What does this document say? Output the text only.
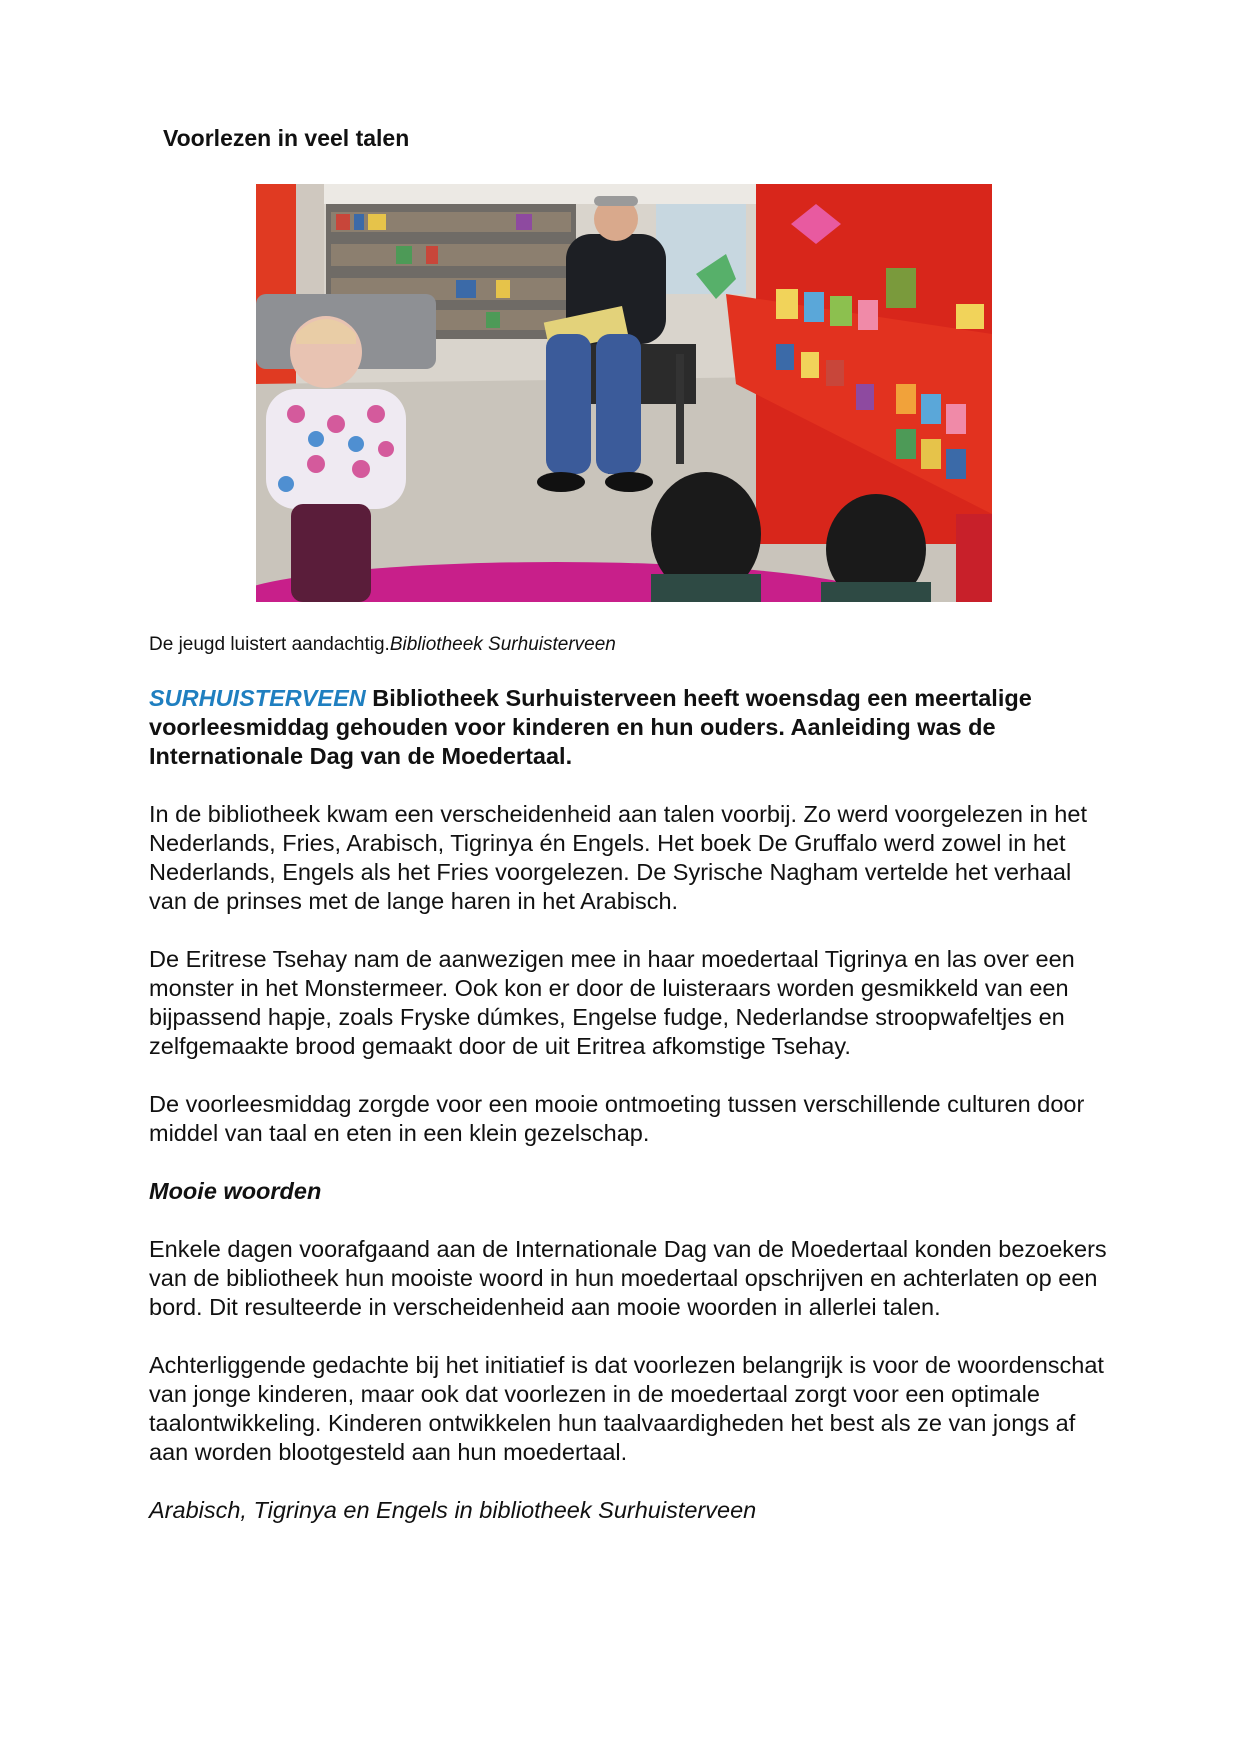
Voorlezen in veel talen

De jeugd luistert aandachtig.Bibliotheek Surhuisterveen

SURHUISTERVEEN Bibliotheek Surhuisterveen heeft woensdag een meertalige voorleesmiddag gehouden voor kinderen en hun ouders. Aanleiding was de Internationale Dag van de Moedertaal.

In de bibliotheek kwam een verscheidenheid aan talen voorbij. Zo werd voorgelezen in het Nederlands, Fries, Arabisch, Tigrinya én Engels. Het boek De Gruffalo werd zowel in het Nederlands, Engels als het Fries voorgelezen. De Syrische Nagham vertelde het verhaal van de prinses met de lange haren in het Arabisch.

De Eritrese Tsehay nam de aanwezigen mee in haar moedertaal Tigrinya en las over een monster in het Monstermeer. Ook kon er door de luisteraars worden gesmikkeld van een bijpassend hapje, zoals Fryske dúmkes, Engelse fudge, Nederlandse stroopwafeltjes en zelfgemaakte brood gemaakt door de uit Eritrea afkomstige Tsehay.

De voorleesmiddag zorgde voor een mooie ontmoeting tussen verschillende culturen door middel van taal en eten in een klein gezelschap.

Mooie woorden

Enkele dagen voorafgaand aan de Internationale Dag van de Moedertaal konden bezoekers van de bibliotheek hun mooiste woord in hun moedertaal opschrijven en achterlaten op een bord. Dit resulteerde in verscheidenheid aan mooie woorden in allerlei talen.

Achterliggende gedachte bij het initiatief is dat voorlezen belangrijk is voor de woordenschat van jonge kinderen, maar ook dat voorlezen in de moedertaal zorgt voor een optimale taalontwikkeling. Kinderen ontwikkelen hun taalvaardigheden het best als ze van jongs af aan worden blootgesteld aan hun moedertaal.

Arabisch, Tigrinya en Engels in bibliotheek Surhuisterveen
